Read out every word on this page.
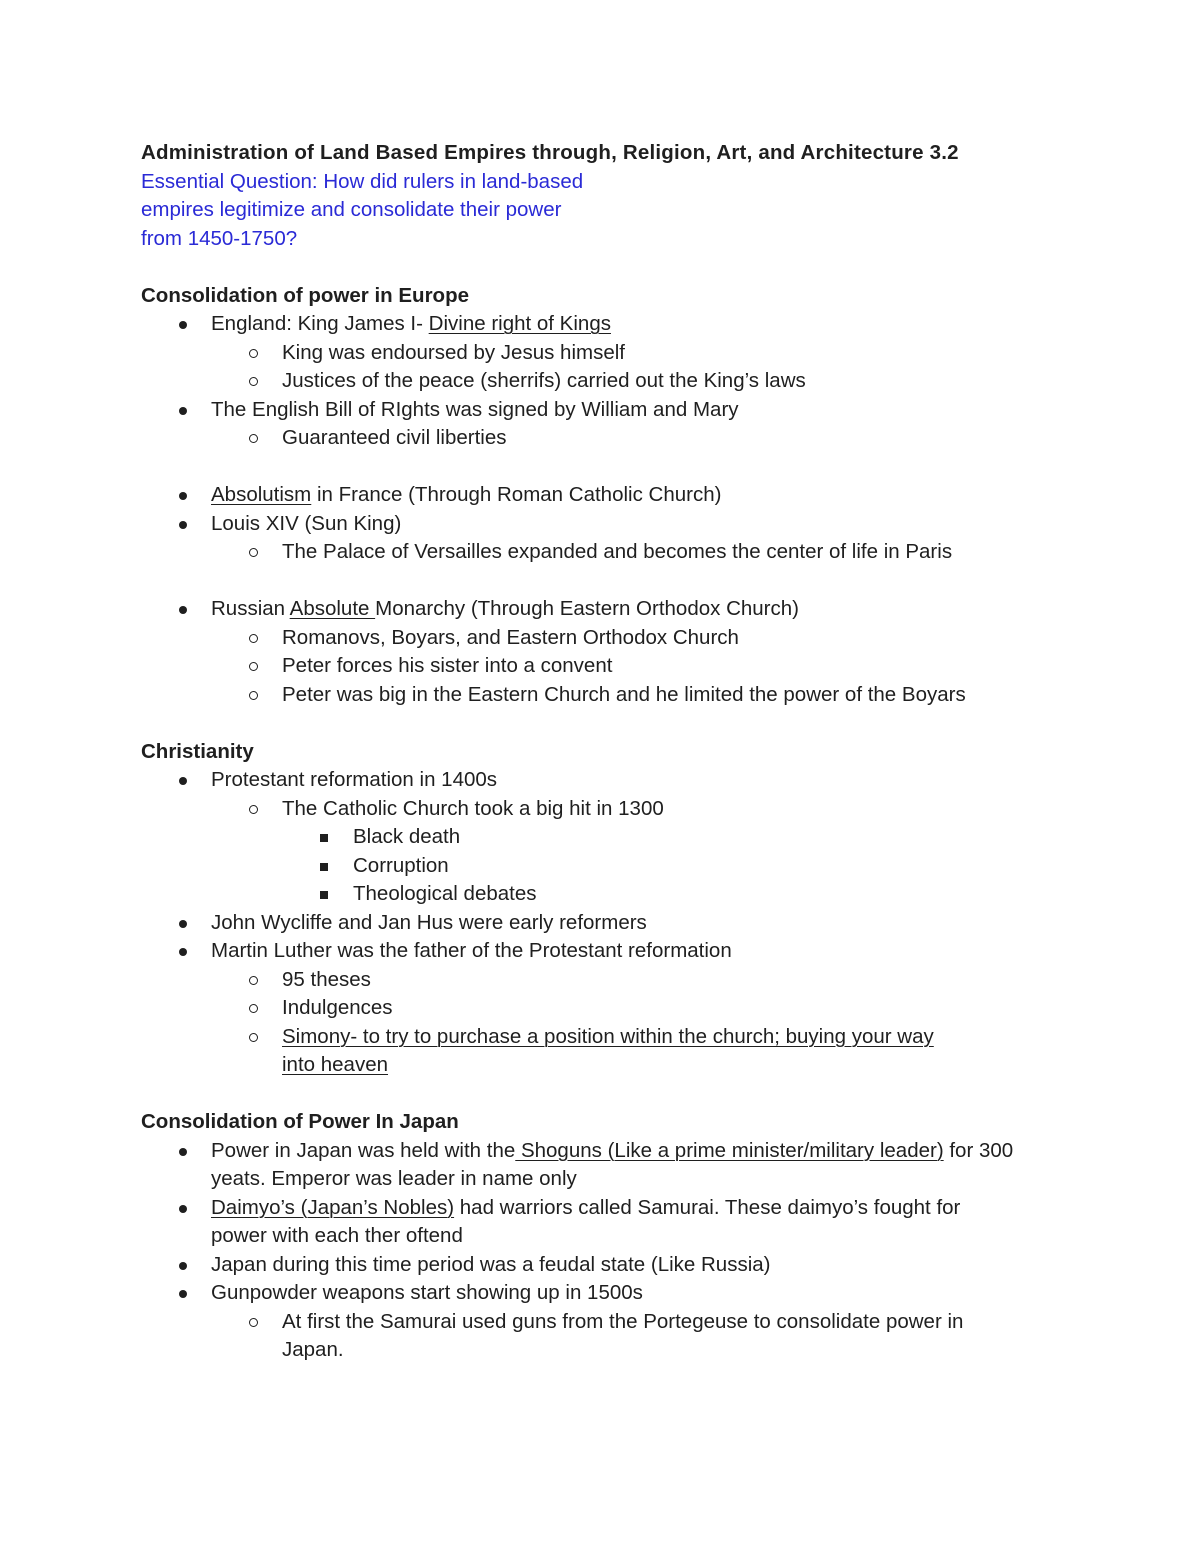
Administration of Land Based Empires through, Religion, Art, and Architecture 3.2
Essential Question: How did rulers in land-based
empires legitimize and consolidate their power
from 1450-1750?
Consolidation of power in Europe
England: King James I- Divine right of Kings
King was endoursed by Jesus himself
Justices of the peace (sherrifs) carried out the King’s laws
The English Bill of RIghts was signed by William and Mary
Guaranteed civil liberties
Absolutism in France (Through Roman Catholic Church)
Louis XIV (Sun King)
The Palace of Versailles expanded and becomes the center of life in Paris
Russian Absolute Monarchy (Through Eastern Orthodox Church)
Romanovs, Boyars, and Eastern Orthodox Church
Peter forces his sister into a convent
Peter was big in the Eastern Church and he limited the power of the Boyars
Christianity
Protestant reformation in 1400s
The Catholic Church took a big hit in 1300
Black death
Corruption
Theological debates
John Wycliffe and Jan Hus were early reformers
Martin Luther was the father of the Protestant reformation
95 theses
Indulgences
Simony- to try to purchase a position within the church; buying your way into heaven
Consolidation of Power In Japan
Power in Japan was held with the Shoguns (Like a prime minister/military leader) for 300 yeats. Emperor was leader in name only
Daimyo’s (Japan’s Nobles) had warriors called Samurai. These daimyo’s fought for power with each ther oftend
Japan during this time period was a feudal state (Like Russia)
Gunpowder weapons start showing up in 1500s
At first the Samurai used guns from the Portegeuse to consolidate power in Japan.
